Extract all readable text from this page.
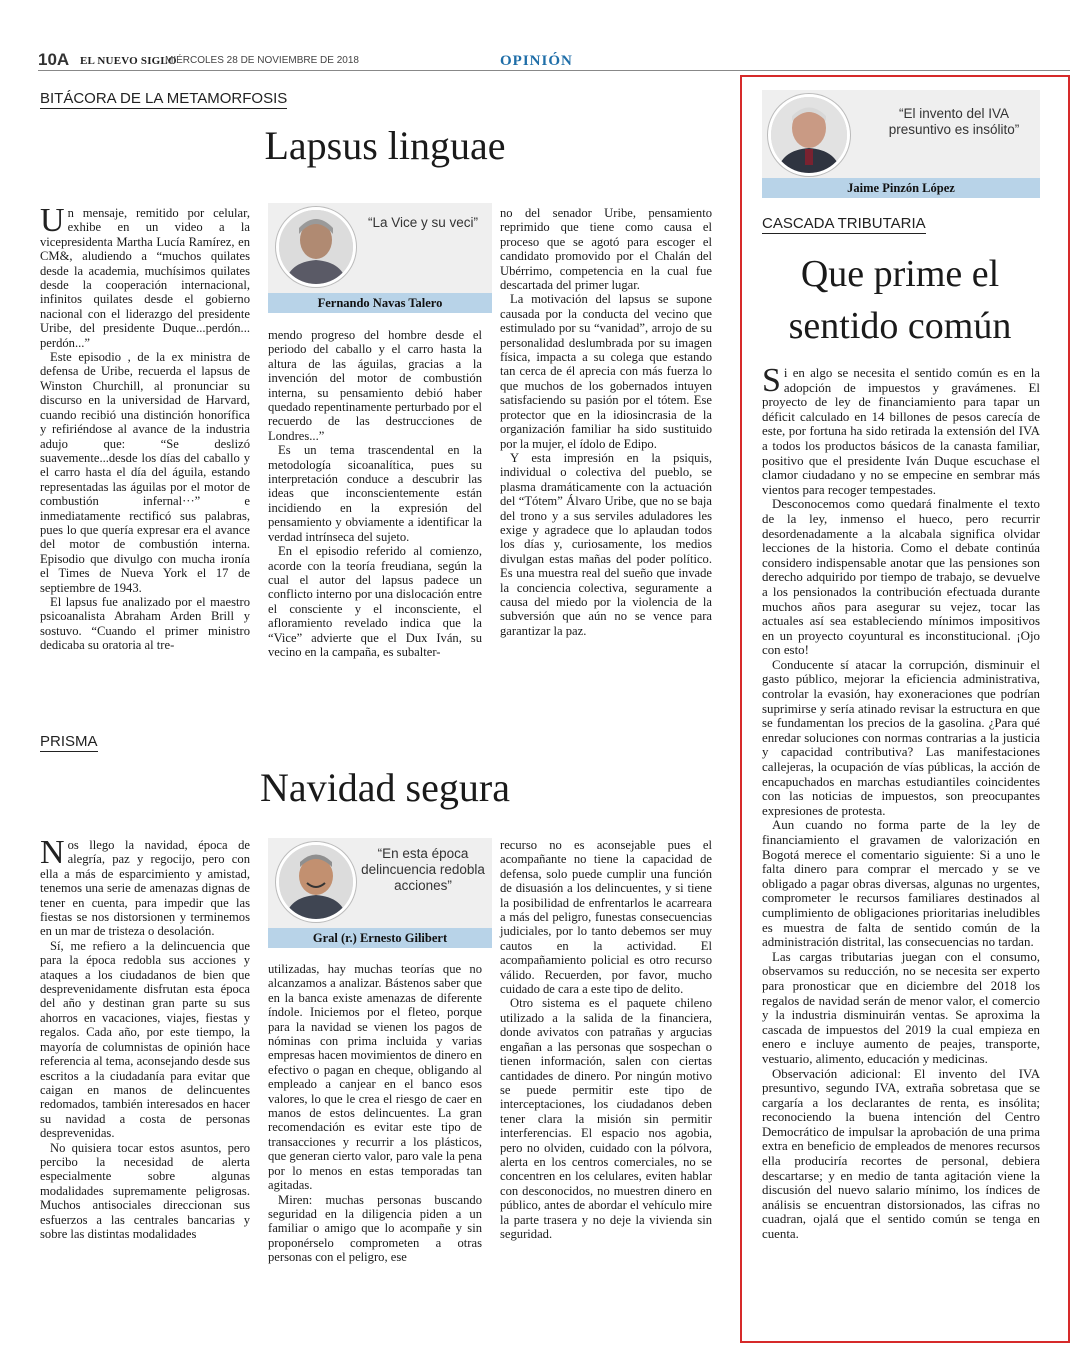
10A EL NUEVO SIGLO
MIÉRCOLES 28 DE NOVIEMBRE DE 2018	OPINIÓN
BITÁCORA DE LA METAMORFOSIS
Lapsus linguae
“La Vice y su veci”
Fernando Navas Talero

Un mensaje, remitido por celular, exhibe en un video a la vicepresidenta Martha Lucía Ramírez, en CM&, aludiendo a “muchos quilates desde la academia, muchísimos quilates desde la cooperación internacional, infinitos quilates desde el gobierno nacional con el liderazgo del presidente Uribe, del presidente Duque...perdón... perdón...”

Este episodio , de la ex ministra de defensa de Uribe, recuerda el lapsus de Winston Churchill, al pronunciar su discurso en la universidad de Harvard, cuando recibió una distinción honorífica y refiriéndose al avance de la industria adujo que: “Se deslizó suavemente...desde los días del caballo y el carro hasta el día del águila, estando representadas las águilas por el motor de combustión infernal···” e inmediatamente rectificó sus palabras, pues lo que quería expresar era el avance del motor de combustión interna. Episodio que divulgo con mucha ironía el Times de Nueva York el 17 de septiembre de 1943.

El lapsus fue analizado por el maestro psicoanalista Abraham Arden Brill y sostuvo. “Cuando el primer ministro dedicaba su oratoria al tre-

mendo progreso del hombre desde el periodo del caballo y el carro hasta la altura de las águilas, gracias a la invención del motor de combustión interna, su pensamiento debió haber quedado repentinamente perturbado por el recuerdo de las destrucciones de Londres...”

Es un tema trascendental en la metodología sicoanalítica, pues su interpretación conduce a descubrir las ideas que inconscientemente están incidiendo en la expresión del pensamiento y obviamente a identificar la verdad intrínseca del sujeto.

En el episodio referido al comienzo, acorde con la teoría freudiana, según la cual el autor del lapsus padece un conflicto interno por una dislocación entre el consciente y el inconsciente, el afloramiento revelado indica que la “Vice” advierte que el Dux Iván, su vecino en la campaña, es subalter-

no del senador Uribe, pensamiento reprimido que tiene como causa el proceso que se agotó para escoger el candidato promovido por el Chalán del Ubérrimo, competencia en la cual fue descartada del primer lugar.

La motivación del lapsus se supone causada por la conducta del vecino que estimulado por su “vanidad”, arrojo de su personalidad deslumbrada por su imagen física, impacta a su colega que estando tan cerca de él aprecia con más fuerza lo que muchos de los gobernados intuyen satisfaciendo su pasión por el tótem. Ese protector que en la idiosincrasia de la organización familiar ha sido sustituido por la mujer, el ídolo de Edipo.

Y esta impresión en la psiquis, individual o colectiva del pueblo, se plasma dramáticamente con la actuación del “Tótem” Álvaro Uribe, que no se baja del trono y a sus serviles aduladores les exige y agradece que lo aplaudan todos los días y, curiosamente, los medios divulgan estas mañas del poder político. Es una muestra real del sueño que invade la conciencia colectiva, seguramente a causa del miedo por la violencia de la subversión que aún no se vence para garantizar la paz.

PRISMA
Navidad segura
“En esta época delincuencia redobla acciones”
Gral (r.) Ernesto Gilibert

Nos llego la navidad, época de alegría, paz y regocijo, pero con ella a más de esparcimiento y amistad, tenemos una serie de amenazas dignas de tener en cuenta, para impedir que las fiestas se nos distorsionen y terminemos en un mar de tristeza o desolación.

Sí, me refiero a la delincuencia que para la época redobla sus acciones y ataques a los ciudadanos de bien que desprevenidamente disfrutan esta época del año y destinan gran parte su sus ahorros en vacaciones, viajes, fiestas y regalos. Cada año, por este tiempo, la mayoría de columnistas de opinión hace referencia al tema, aconsejando desde sus escritos a la ciudadanía para evitar que caigan en manos de delincuentes redomados, también interesados en hacer su navidad a costa de personas desprevenidas.

No quisiera tocar estos asuntos, pero percibo la necesidad de alerta especialmente sobre algunas modalidades supremamente peligrosas. Muchos antisociales direccionan sus esfuerzos a las centrales bancarias y sobre las distintas modalidades

utilizadas, hay muchas teorías que no alcanzamos a analizar. Bástenos saber que en la banca existe amenazas de diferente índole. Iniciemos por el fleteo, porque para la navidad se vienen los pagos de nóminas con prima incluida y varias empresas hacen movimientos de dinero en efectivo o pagan en cheque, obligando al empleado a canjear en el banco esos valores, lo que le crea el riesgo de caer en manos de estos delincuentes. La gran recomendación es evitar este tipo de transacciones y recurrir a los plásticos, que generan cierto valor, paro vale la pena por lo menos en estas temporadas tan agitadas.

Miren: muchas personas buscando seguridad en la diligencia piden a un familiar o amigo que lo acompañe y sin proponérselo comprometen a otras personas con el peligro, ese

recurso no es aconsejable pues el acompañante no tiene la capacidad de defensa, solo puede cumplir una función de disuasión a los delincuentes, y si tiene la posibilidad de enfrentarlos le acarreara a más del peligro, funestas consecuencias judiciales, por lo tanto debemos ser muy cautos en la actividad. El acompañamiento policial es otro recurso válido. Recuerden, por favor, mucho cuidado de cara a este tipo de delito.

Otro sistema es el paquete chileno utilizado a la salida de la financiera, donde avivatos con patrañas y argucias engañan a las personas que sospechan o tienen información, salen con ciertas cantidades de dinero. Por ningún motivo se puede permitir este tipo de interceptaciones, los ciudadanos deben tener clara la misión sin permitir interferencias. El espacio nos agobia, pero no olviden, cuidado con la pólvora, alerta en los centros comerciales, no se concentren en los celulares, eviten hablar con desconocidos, no muestren dinero en público, antes de abordar el vehículo mire la parte trasera y no deje la vivienda sin seguridad.

“El invento del IVA presuntivo es insólito”
Jaime Pinzón López
CASCADA TRIBUTARIA
Que prime el sentido común

Si en algo se necesita el sentido común es en la adopción de impuestos y gravámenes. El proyecto de ley de financiamiento para tapar un déficit calculado en 14 billones de pesos carecía de este, por fortuna ha sido retirada la extensión del IVA a todos los productos básicos de la canasta familiar, positivo que el presidente Iván Duque escuchase el clamor ciudadano y no se empecine en sembrar más vientos para recoger tempestades.

Desconocemos como quedará finalmente el texto de la ley, inmenso el hueco, pero recurrir desordenadamente a la alcabala significa olvidar lecciones de la historia. Como el debate continúa considero indispensable anotar que las pensiones son derecho adquirido por tiempo de trabajo, se devuelve a los pensionados la contribución efectuada durante muchos años para asegurar su vejez, tocar las actuales así sea estableciendo mínimos impositivos en un proyecto coyuntural es inconstitucional. ¡Ojo con esto!

Conducente sí atacar la corrupción, disminuir el gasto público, mejorar la eficiencia administrativa, controlar la evasión, hay exoneraciones que podrían suprimirse y sería atinado revisar la estructura en que se fundamentan los precios de la gasolina. ¿Para qué enredar soluciones con normas contrarias a la justicia y capacidad contributiva? Las manifestaciones callejeras, la ocupación de vías públicas, la acción de encapuchados en marchas estudiantiles coincidentes con las noticias de impuestos, son preocupantes expresiones de protesta.

Aun cuando no forma parte de la ley de financiamiento el gravamen de valorización en Bogotá merece el comentario siguiente: Si a uno le falta dinero para comprar el mercado y se ve obligado a pagar obras diversas, algunas no urgentes, comprometer le recursos familiares destinados al cumplimiento de obligaciones prioritarias ineludibles es muestra de falta de sentido común de la administración distrital, las consecuencias no tardan.

Las cargas tributarias juegan con el consumo, observamos su reducción, no se necesita ser experto para pronosticar que en diciembre del 2018 los regalos de navidad serán de menor valor, el comercio y la industria disminuirán ventas. Se aproxima la cascada de impuestos del 2019 la cual empieza en enero e incluye aumento de peajes, transporte, vestuario, alimento, educación y medicinas.

Observación adicional: El invento del IVA presuntivo, segundo IVA, extraña sobretasa que se cargaría a los declarantes de renta, es insólita; reconociendo la buena intención del Centro Democrático de impulsar la aprobación de una prima extra en beneficio de empleados de menores recursos ella produciría recortes de personal, debiera descartarse; y en medio de tanta agitación viene la discusión del nuevo salario mínimo, los índices de análisis se encuentran distorsionados, las cifras no cuadran, ojalá que el sentido común se tenga en cuenta.
